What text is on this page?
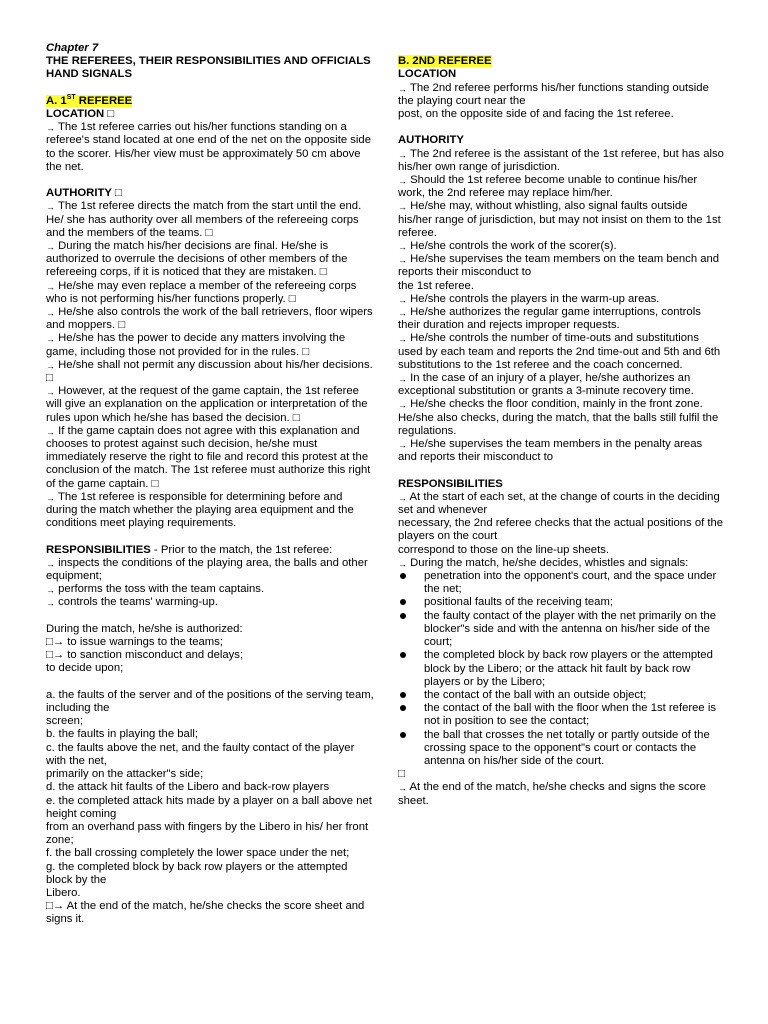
Chapter 7

THE REFEREES, THEIR RESPONSIBILITIES AND OFFICIALS HAND SIGNALS

A. 1ST REFEREE

LOCATION □

→ The 1st referee carries out his/her functions standing on a referee's stand located at one end of the net on the opposite side to the scorer. His/her view must be approximately 50 cm above the net.

AUTHORITY □

→ The 1st referee directs the match from the start until the end. He/ she has authority over all members of the refereeing corps and the members of the teams. □

→ During the match his/her decisions are final. He/she is authorized to overrule the decisions of other members of the refereeing corps, if it is noticed that they are mistaken. □

→ He/she may even replace a member of the refereeing corps who is not performing his/her functions properly. □

→ He/she also controls the work of the ball retrievers, floor wipers and moppers. □

→ He/she has the power to decide any matters involving the game, including those not provided for in the rules. □

→ He/she shall not permit any discussion about his/her decisions. □

→ However, at the request of the game captain, the 1st referee will give an explanation on the application or interpretation of the rules upon which he/she has based the decision. □

→ If the game captain does not agree with this explanation and chooses to protest against such decision, he/she must immediately reserve the right to file and record this protest at the conclusion of the match. The 1st referee must authorize this right of the game captain. □

→ The 1st referee is responsible for determining before and during the match whether the playing area equipment and the conditions meet playing requirements.

RESPONSIBILITIES - Prior to the match, the 1st referee:

→ inspects the conditions of the playing area, the balls and other equipment;

→ performs the toss with the team captains.

→ controls the teams' warming-up.

During the match, he/she is authorized:

□→ to issue warnings to the teams;

□→ to sanction misconduct and delays;

to decide upon;

a. the faults of the server and of the positions of the serving team, including the

screen;

b. the faults in playing the ball;

c. the faults above the net, and the faulty contact of the player with the net,

primarily on the attacker"s side;

d. the attack hit faults of the Libero and back-row players

e. the completed attack hits made by a player on a ball above net height coming

from an overhand pass with fingers by the Libero in his/ her front zone;

f. the ball crossing completely the lower space under the net;

g. the completed block by back row players or the attempted block by the

Libero.

□→ At the end of the match, he/she checks the score sheet and signs it.

B. 2ND REFEREE

LOCATION

→ The 2nd referee performs his/her functions standing outside the playing court near the

post, on the opposite side of and facing the 1st referee.

AUTHORITY

→ The 2nd referee is the assistant of the 1st referee, but has also his/her own range of jurisdiction.

→ Should the 1st referee become unable to continue his/her work, the 2nd referee may replace him/her.

→ He/she may, without whistling, also signal faults outside his/her range of jurisdiction, but may not insist on them to the 1st referee.

→ He/she controls the work of the scorer(s).

→ He/she supervises the team members on the team bench and reports their misconduct to
the 1st referee.

→ He/she controls the players in the warm-up areas.

→ He/she authorizes the regular game interruptions, controls their duration and rejects improper requests.

→ He/she controls the number of time-outs and substitutions used by each team and reports the 2nd time-out and 5th and 6th substitutions to the 1st referee and the coach concerned.

→ In the case of an injury of a player, he/she authorizes an exceptional substitution or grants a 3-minute recovery time.

→ He/she checks the floor condition, mainly in the front zone. He/she also checks, during the match, that the balls still fulfil the regulations.

→ He/she supervises the team members in the penalty areas and reports their misconduct to

RESPONSIBILITIES

→ At the start of each set, at the change of courts in the deciding set and whenever

necessary, the 2nd referee checks that the actual positions of the players on the court

correspond to those on the line-up sheets.

→ During the match, he/she decides, whistles and signals:

penetration into the opponent's court, and the space under the net;
positional faults of the receiving team;
the faulty contact of the player with the net primarily on the blocker"s side and with the antenna on his/her side of the court;
the completed block by back row players or the attempted block by the Libero; or the attack hit fault by back row players or by the Libero;
the contact of the ball with an outside object;
the contact of the ball with the floor when the 1st referee is not in position to see the contact;
the ball that crosses the net totally or partly outside of the crossing space to the opponent"s court or contacts the antenna on his/her side of the court.

□

→ At the end of the match, he/she checks and signs the score sheet.
